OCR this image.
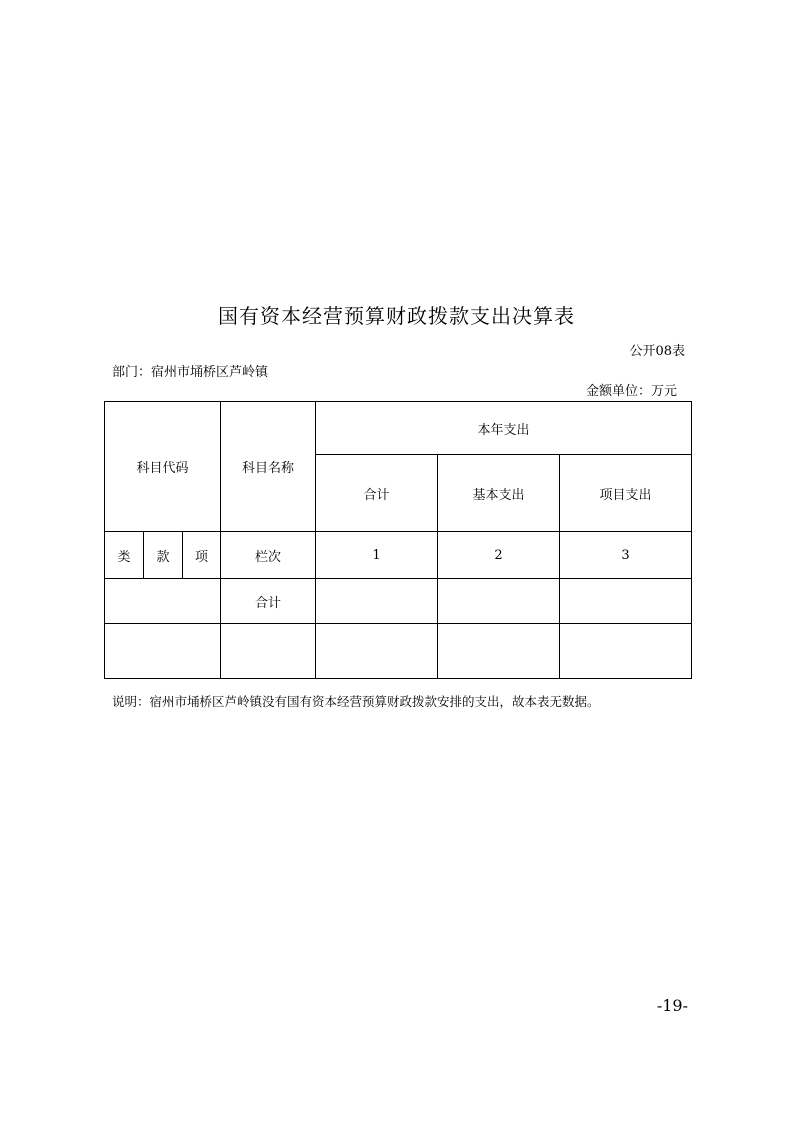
国有资本经营预算财政拨款支出决算表
公开08表
部门：宿州市埇桥区芦岭镇
金额单位：万元
科目代码			科目名称	本年支出		
				合计	基本支出	项目支出
类	款	项	栏次	1	2	3
			合计			

说明：宿州市埇桥区芦岭镇没有国有资本经营预算财政拨款安排的支出，故本表无数据。
-19-
